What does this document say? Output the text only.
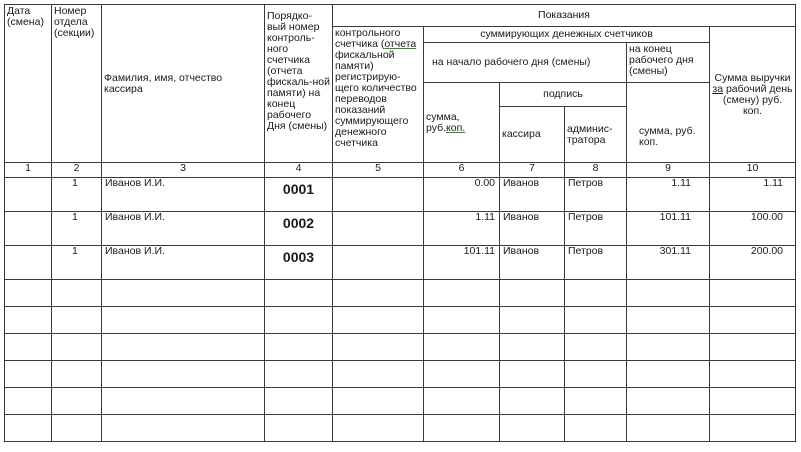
Дата (смена)	Номер отдела (секции)	Фамилия, имя, отчество кассира	Порядко-вый номер контроль-ного счетчика (отчета фискаль-ной памяти) на конец рабочего Дня (смены)	Показания					
				контрольного счетчика (отчета фискальной памяти) регистрирую-щего количество переводов показаний суммирующего денежного счетчика	суммирующих денежных счетчиков				Сумма выручки за рабочий день (смену) руб. коп.
					на начало рабочего дня (смены)			на конец рабочего дня (смены)	

					сумма, руб.коп.	подпись		сумма, руб. коп.	
						кассира	админис-тратора		
1	2	3	4	5	6	7	8	9	10
	1	Иванов И.И.	0001		0.00	Иванов	Петров	1.11	1.11
	1	Иванов И.И.	0002		1.11	Иванов	Петров	101.11	100.00
	1	Иванов И.И.	0003		101.11	Иванов	Петров	301.11	200.00
